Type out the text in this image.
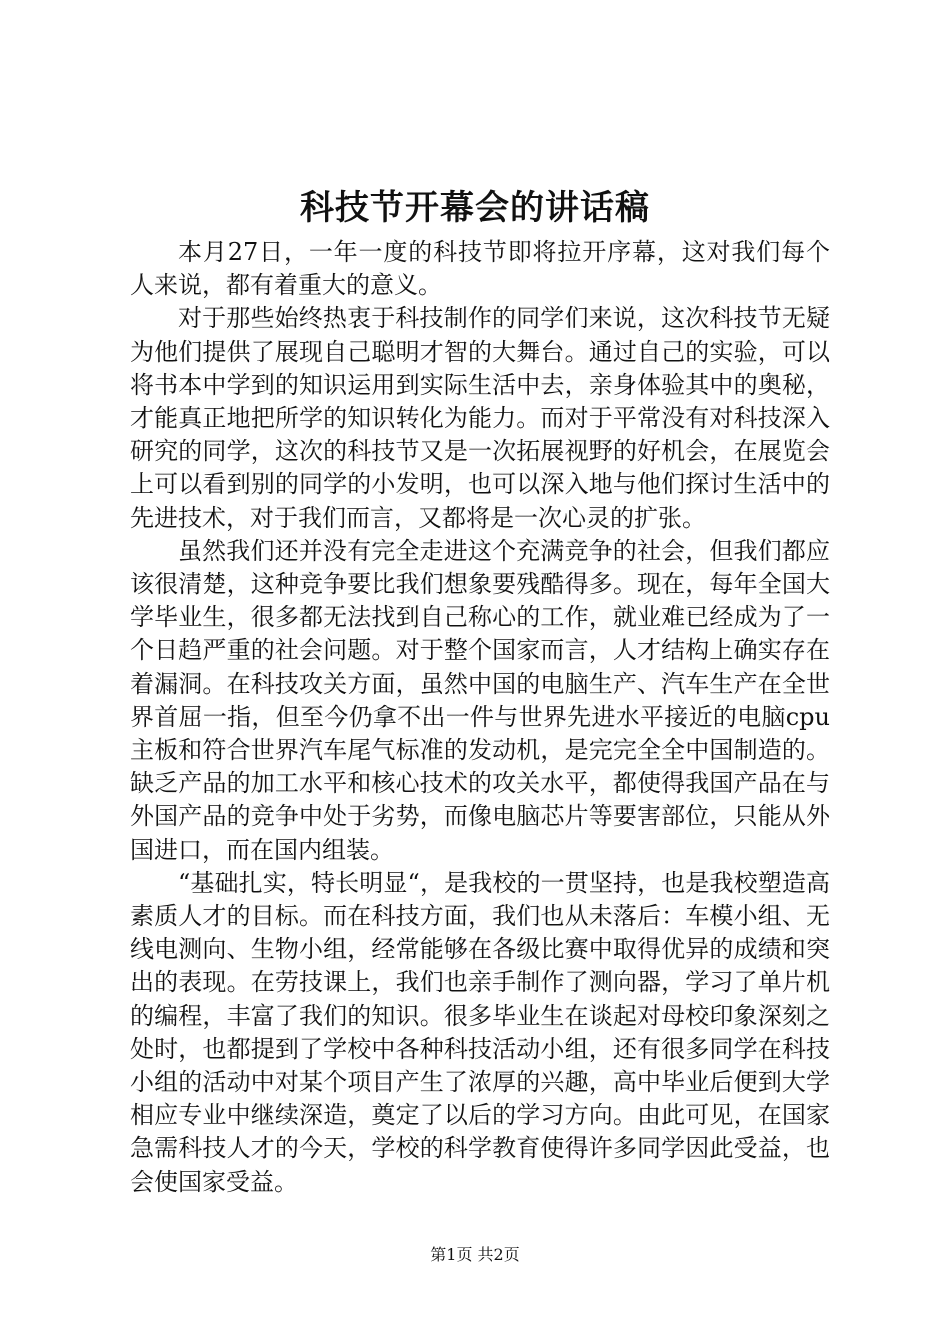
科技节开幕会的讲话稿

本月27日，一年一度的科技节即将拉开序幕，这对我们每个人来说，都有着重大的意义。

对于那些始终热衷于科技制作的同学们来说，这次科技节无疑为他们提供了展现自己聪明才智的大舞台。通过自己的实验，可以将书本中学到的知识运用到实际生活中去，亲身体验其中的奥秘，才能真正地把所学的知识转化为能力。而对于平常没有对科技深入研究的同学，这次的科技节又是一次拓展视野的好机会，在展览会上可以看到别的同学的小发明，也可以深入地与他们探讨生活中的先进技术，对于我们而言，又都将是一次心灵的扩张。

虽然我们还并没有完全走进这个充满竞争的社会，但我们都应该很清楚，这种竞争要比我们想象要残酷得多。现在，每年全国大学毕业生，很多都无法找到自己称心的工作，就业难已经成为了一个日趋严重的社会问题。对于整个国家而言，人才结构上确实存在着漏洞。在科技攻关方面，虽然中国的电脑生产、汽车生产在全世界首屈一指，但至今仍拿不出一件与世界先进水平接近的电脑cpu主板和符合世界汽车尾气标准的发动机，是完完全全中国制造的。缺乏产品的加工水平和核心技术的攻关水平，都使得我国产品在与外国产品的竞争中处于劣势，而像电脑芯片等要害部位，只能从外国进口，而在国内组装。

“基础扎实，特长明显“，是我校的一贯坚持，也是我校塑造高素质人才的目标。而在科技方面，我们也从未落后：车模小组、无线电测向、生物小组，经常能够在各级比赛中取得优异的成绩和突出的表现。在劳技课上，我们也亲手制作了测向器，学习了单片机的编程，丰富了我们的知识。很多毕业生在谈起对母校印象深刻之处时，也都提到了学校中各种科技活动小组，还有很多同学在科技小组的活动中对某个项目产生了浓厚的兴趣，高中毕业后便到大学相应专业中继续深造，奠定了以后的学习方向。由此可见，在国家急需科技人才的今天，学校的科学教育使得许多同学因此受益，也会使国家受益。

第1页 共2页
